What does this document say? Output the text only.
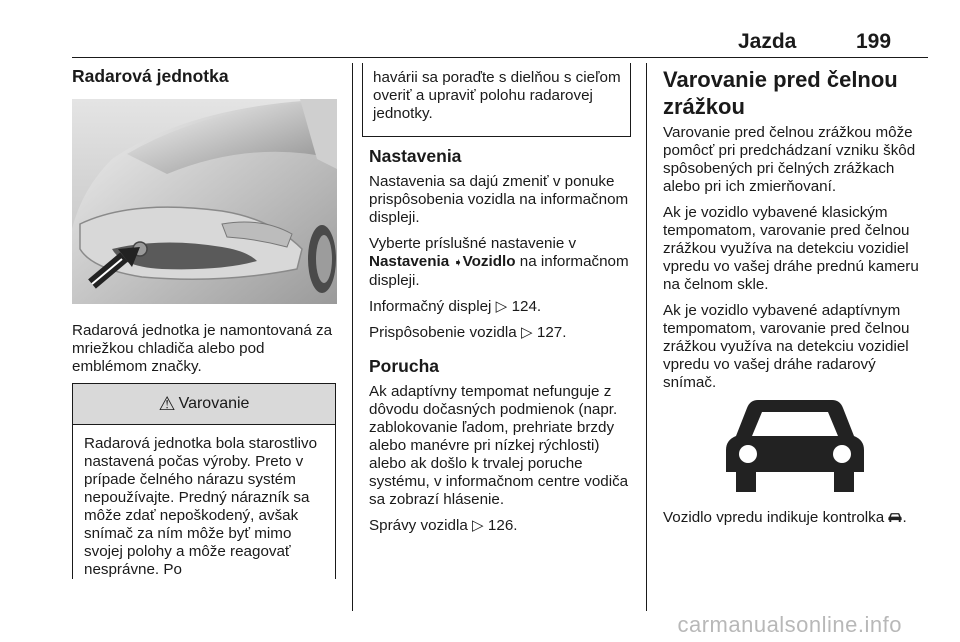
Jazda	199
Radarová jednotka

Radarová jednotka je namontovaná za mriežkou chladiča alebo pod emblémom značky.

⚠ Varovanie
Radarová jednotka bola starostlivo nastavená počas výroby. Preto v prípade čelného nárazu systém nepoužívajte. Predný nárazník sa môže zdať nepoškodený, avšak snímač za ním môže byť mimo svojej polohy a môže reagovať nesprávne. Po
havárii sa poraďte s dielňou s cieľom overiť a upraviť polohu radarovej jednotky.
Nastavenia

Nastavenia sa dajú zmeniť v ponuke prispôsobenia vozidla na informačnom displeji.

Vyberte príslušné nastavenie v Nastavenia ➧Vozidlo na informačnom displeji.

Informačný displej ▷ 124.

Prispôsobenie vozidla ▷ 127.

Porucha

Ak adaptívny tempomat nefunguje z dôvodu dočasných podmienok (napr. zablokovanie ľadom, prehriate brzdy alebo manévre pri nízkej rýchlosti) alebo ak došlo k trvalej poruche systému, v informačnom centre vodiča sa zobrazí hlásenie.

Správy vozidla ▷ 126.

Varovanie pred čelnou zrážkou

Varovanie pred čelnou zrážkou môže pomôcť pri predchádzaní vzniku škôd spôsobených pri čelných zrážkach alebo pri ich zmierňovaní.

Ak je vozidlo vybavené klasickým tempomatom, varovanie pred čelnou zrážkou využíva na detekciu vozidiel vpredu vo vašej dráhe prednú kameru na čelnom skle.

Ak je vozidlo vybavené adaptívnym tempomatom, varovanie pred čelnou zrážkou využíva na detekciu vozidiel vpredu vo vašej dráhe radarový snímač.

Vozidlo vpredu indikuje kontrolka .

carmanualsonline.info
